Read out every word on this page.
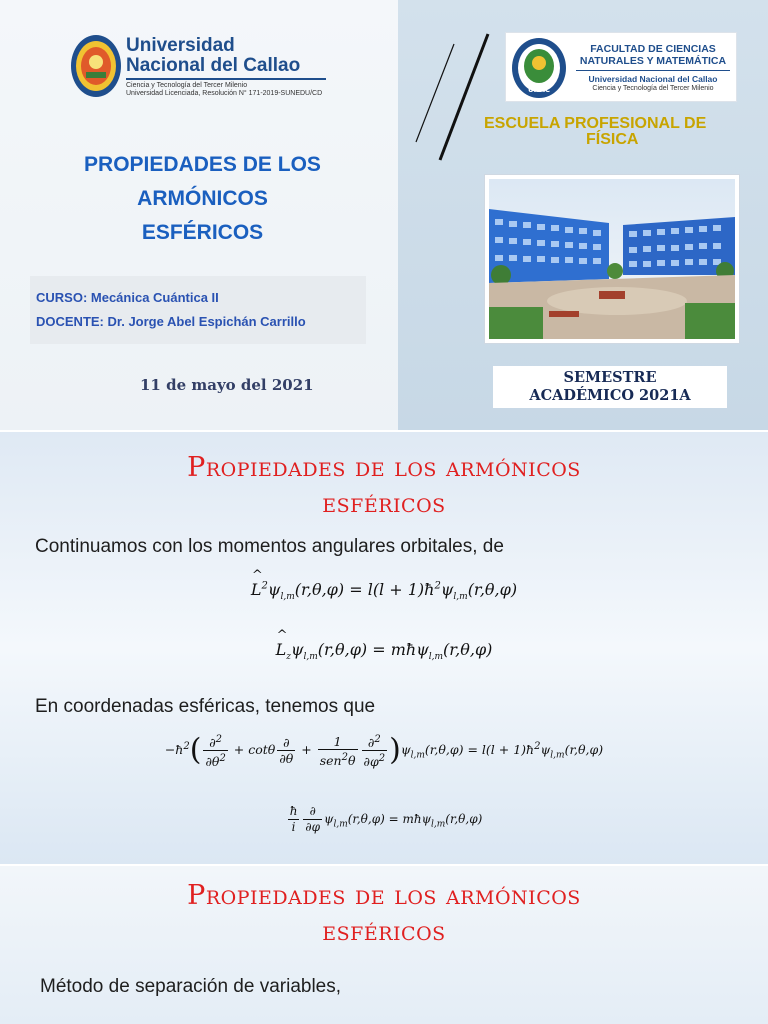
Universidad
Nacional del Callao
Ciencia y Tecnología del Tercer Milenio
Universidad Licenciada, Resolución N° 171-2019-SUNEDU/CD	UNAC
FACULTAD DE CIENCIAS
NATURALES Y MATEMÁTICA
Universidad Nacional del Callao
Ciencia y Tecnología del Tercer Milenio
ESCUELA PROFESIONAL DE
FÍSICA
PROPIEDADES DE LOS
ARMÓNICOS
ESFÉRICOS
CURSO: Mecánica Cuántica II
DOCENTE: Dr. Jorge Abel Espichán Carrillo
11 de mayo del 2021	SEMESTRE
ACADÉMICO 2021A
Propiedades de los armónicos
esféricos
Continuamos con los momentos angulares orbitales, de
^ $L^2\psi_{l,m}(r,\theta,\varphi) = l(l$ + $1)ħ^2\psi_{l,m}(r,\theta,\varphi)$
^ $L_z\psi_{l,m}(r,\theta,\varphi)$ = mħψ$_{l,m}$(r,θ,φ)
En coordenadas esféricas, tenemos que
$-ħ^2( \frac{\partial^2}{\partial\theta^2} + \cot\theta \frac{\partial}{\partial\theta} + \frac{1}{sen^2\theta} \frac{\partial^2}{\partial\varphi^2} )\psi_{l,m}(r,\theta,\varphi) = l(l$ + $1)ħ^2\psi_{l,m}(r,\theta,\varphi)$
$\frac{ħ}{i} \frac{\partial}{\partial\varphi} \psi_{l,m}(r,\theta,\varphi)$ = mħψ$_{l,m}$(r,θ,φ)
Propiedades de los armónicos
esféricos
Método de separación de variables,
